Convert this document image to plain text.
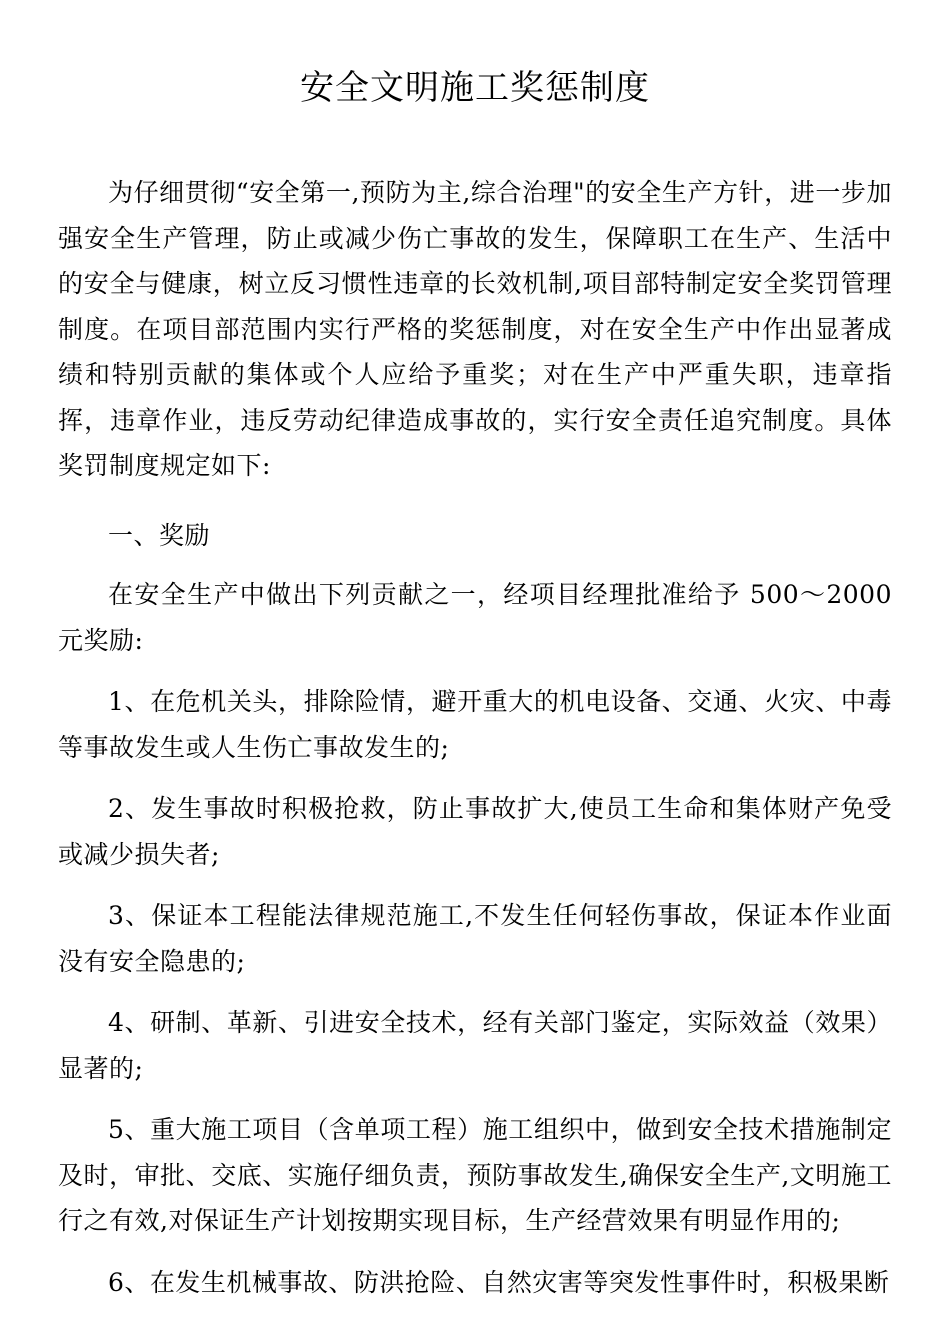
安全文明施工奖惩制度

为仔细贯彻“安全第一,预防为主,综合治理"的安全生产方针，进一步加强安全生产管理，防止或减少伤亡事故的发生，保障职工在生产、生活中的安全与健康，树立反习惯性违章的长效机制,项目部特制定安全奖罚管理制度。在项目部范围内实行严格的奖惩制度，对在安全生产中作出显著成绩和特别贡献的集体或个人应给予重奖；对在生产中严重失职，违章指挥，违章作业，违反劳动纪律造成事故的，实行安全责任追究制度。具体奖罚制度规定如下:

一、奖励

在安全生产中做出下列贡献之一，经项目经理批准给予 500～2000 元奖励:

1、在危机关头，排除险情，避开重大的机电设备、交通、火灾、中毒等事故发生或人生伤亡事故发生的;

2、发生事故时积极抢救，防止事故扩大,使员工生命和集体财产免受或减少损失者;

3、保证本工程能法律规范施工,不发生任何轻伤事故，保证本作业面没有安全隐患的;

4、研制、革新、引进安全技术，经有关部门鉴定，实际效益（效果）显著的;

5、重大施工项目（含单项工程）施工组织中，做到安全技术措施制定及时，审批、交底、实施仔细负责，预防事故发生,确保安全生产,文明施工行之有效,对保证生产计划按期实现目标，生产经营效果有明显作用的;

6、在发生机械事故、防洪抢险、自然灾害等突发性事件时，积极果断
